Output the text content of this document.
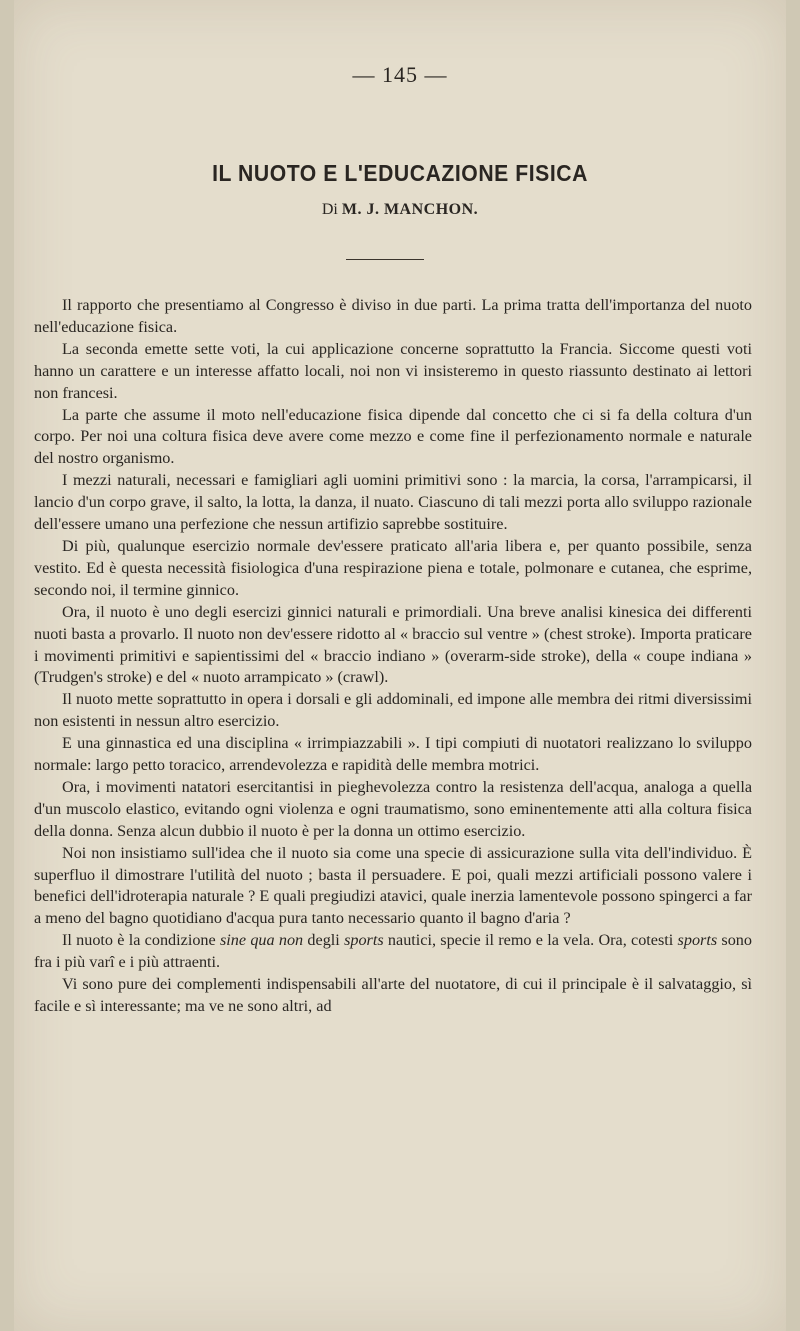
— 145 —
IL NUOTO E L'EDUCAZIONE FISICA
Di M. J. MANCHON.

Il rapporto che presentiamo al Congresso è diviso in due parti. La prima tratta dell'importanza del nuoto nell'educazione fisica.

La seconda emette sette voti, la cui applicazione concerne soprattutto la Francia. Siccome questi voti hanno un carattere e un interesse affatto locali, noi non vi insisteremo in questo riassunto destinato ai lettori non francesi.

La parte che assume il moto nell'educazione fisica dipende dal concetto che ci si fa della coltura d'un corpo. Per noi una coltura fisica deve avere come mezzo e come fine il perfezionamento normale e naturale del nostro organismo.

I mezzi naturali, necessari e famigliari agli uomini primitivi sono : la marcia, la corsa, l'arrampicarsi, il lancio d'un corpo grave, il salto, la lotta, la danza, il nuato. Ciascuno di tali mezzi porta allo sviluppo razionale dell'essere umano una perfezione che nessun artifizio saprebbe sostituire.

Di più, qualunque esercizio normale dev'essere praticato all'aria libera e, per quanto possibile, senza vestito. Ed è questa necessità fisiologica d'una respirazione piena e totale, polmonare e cutanea, che esprime, secondo noi, il termine ginnico.

Ora, il nuoto è uno degli esercizi ginnici naturali e primordiali. Una breve analisi kinesica dei differenti nuoti basta a provarlo. Il nuoto non dev'essere ridotto al « braccio sul ventre » (chest stroke). Importa praticare i movimenti primitivi e sapientissimi del « braccio indiano » (overarm-side stroke), della « coupe indiana » (Trudgen's stroke) e del « nuoto arrampicato » (crawl).

Il nuoto mette soprattutto in opera i dorsali e gli addominali, ed impone alle membra dei ritmi diversissimi non esistenti in nessun altro esercizio.

E una ginnastica ed una disciplina « irrimpiazzabili ». I tipi compiuti di nuotatori realizzano lo sviluppo normale: largo petto toracico, arrendevolezza e rapidità delle membra motrici.

Ora, i movimenti natatori esercitantisi in pieghevolezza contro la resistenza dell'acqua, analoga a quella d'un muscolo elastico, evitando ogni violenza e ogni traumatismo, sono eminentemente atti alla coltura fisica della donna. Senza alcun dubbio il nuoto è per la donna un ottimo esercizio.

Noi non insistiamo sull'idea che il nuoto sia come una specie di assicurazione sulla vita dell'individuo. È superfluo il dimostrare l'utilità del nuoto ; basta il persuadere. E poi, quali mezzi artificiali possono valere i benefici dell'idroterapia naturale ? E quali pregiudizi atavici, quale inerzia lamentevole possono spingerci a far a meno del bagno quotidiano d'acqua pura tanto necessario quanto il bagno d'aria ?

Il nuoto è la condizione sine qua non degli sports nautici, specie il remo e la vela. Ora, cotesti sports sono fra i più varî e i più attraenti.

Vi sono pure dei complementi indispensabili all'arte del nuotatore, di cui il principale è il salvataggio, sì facile e sì interessante; ma ve ne sono altri, ad
